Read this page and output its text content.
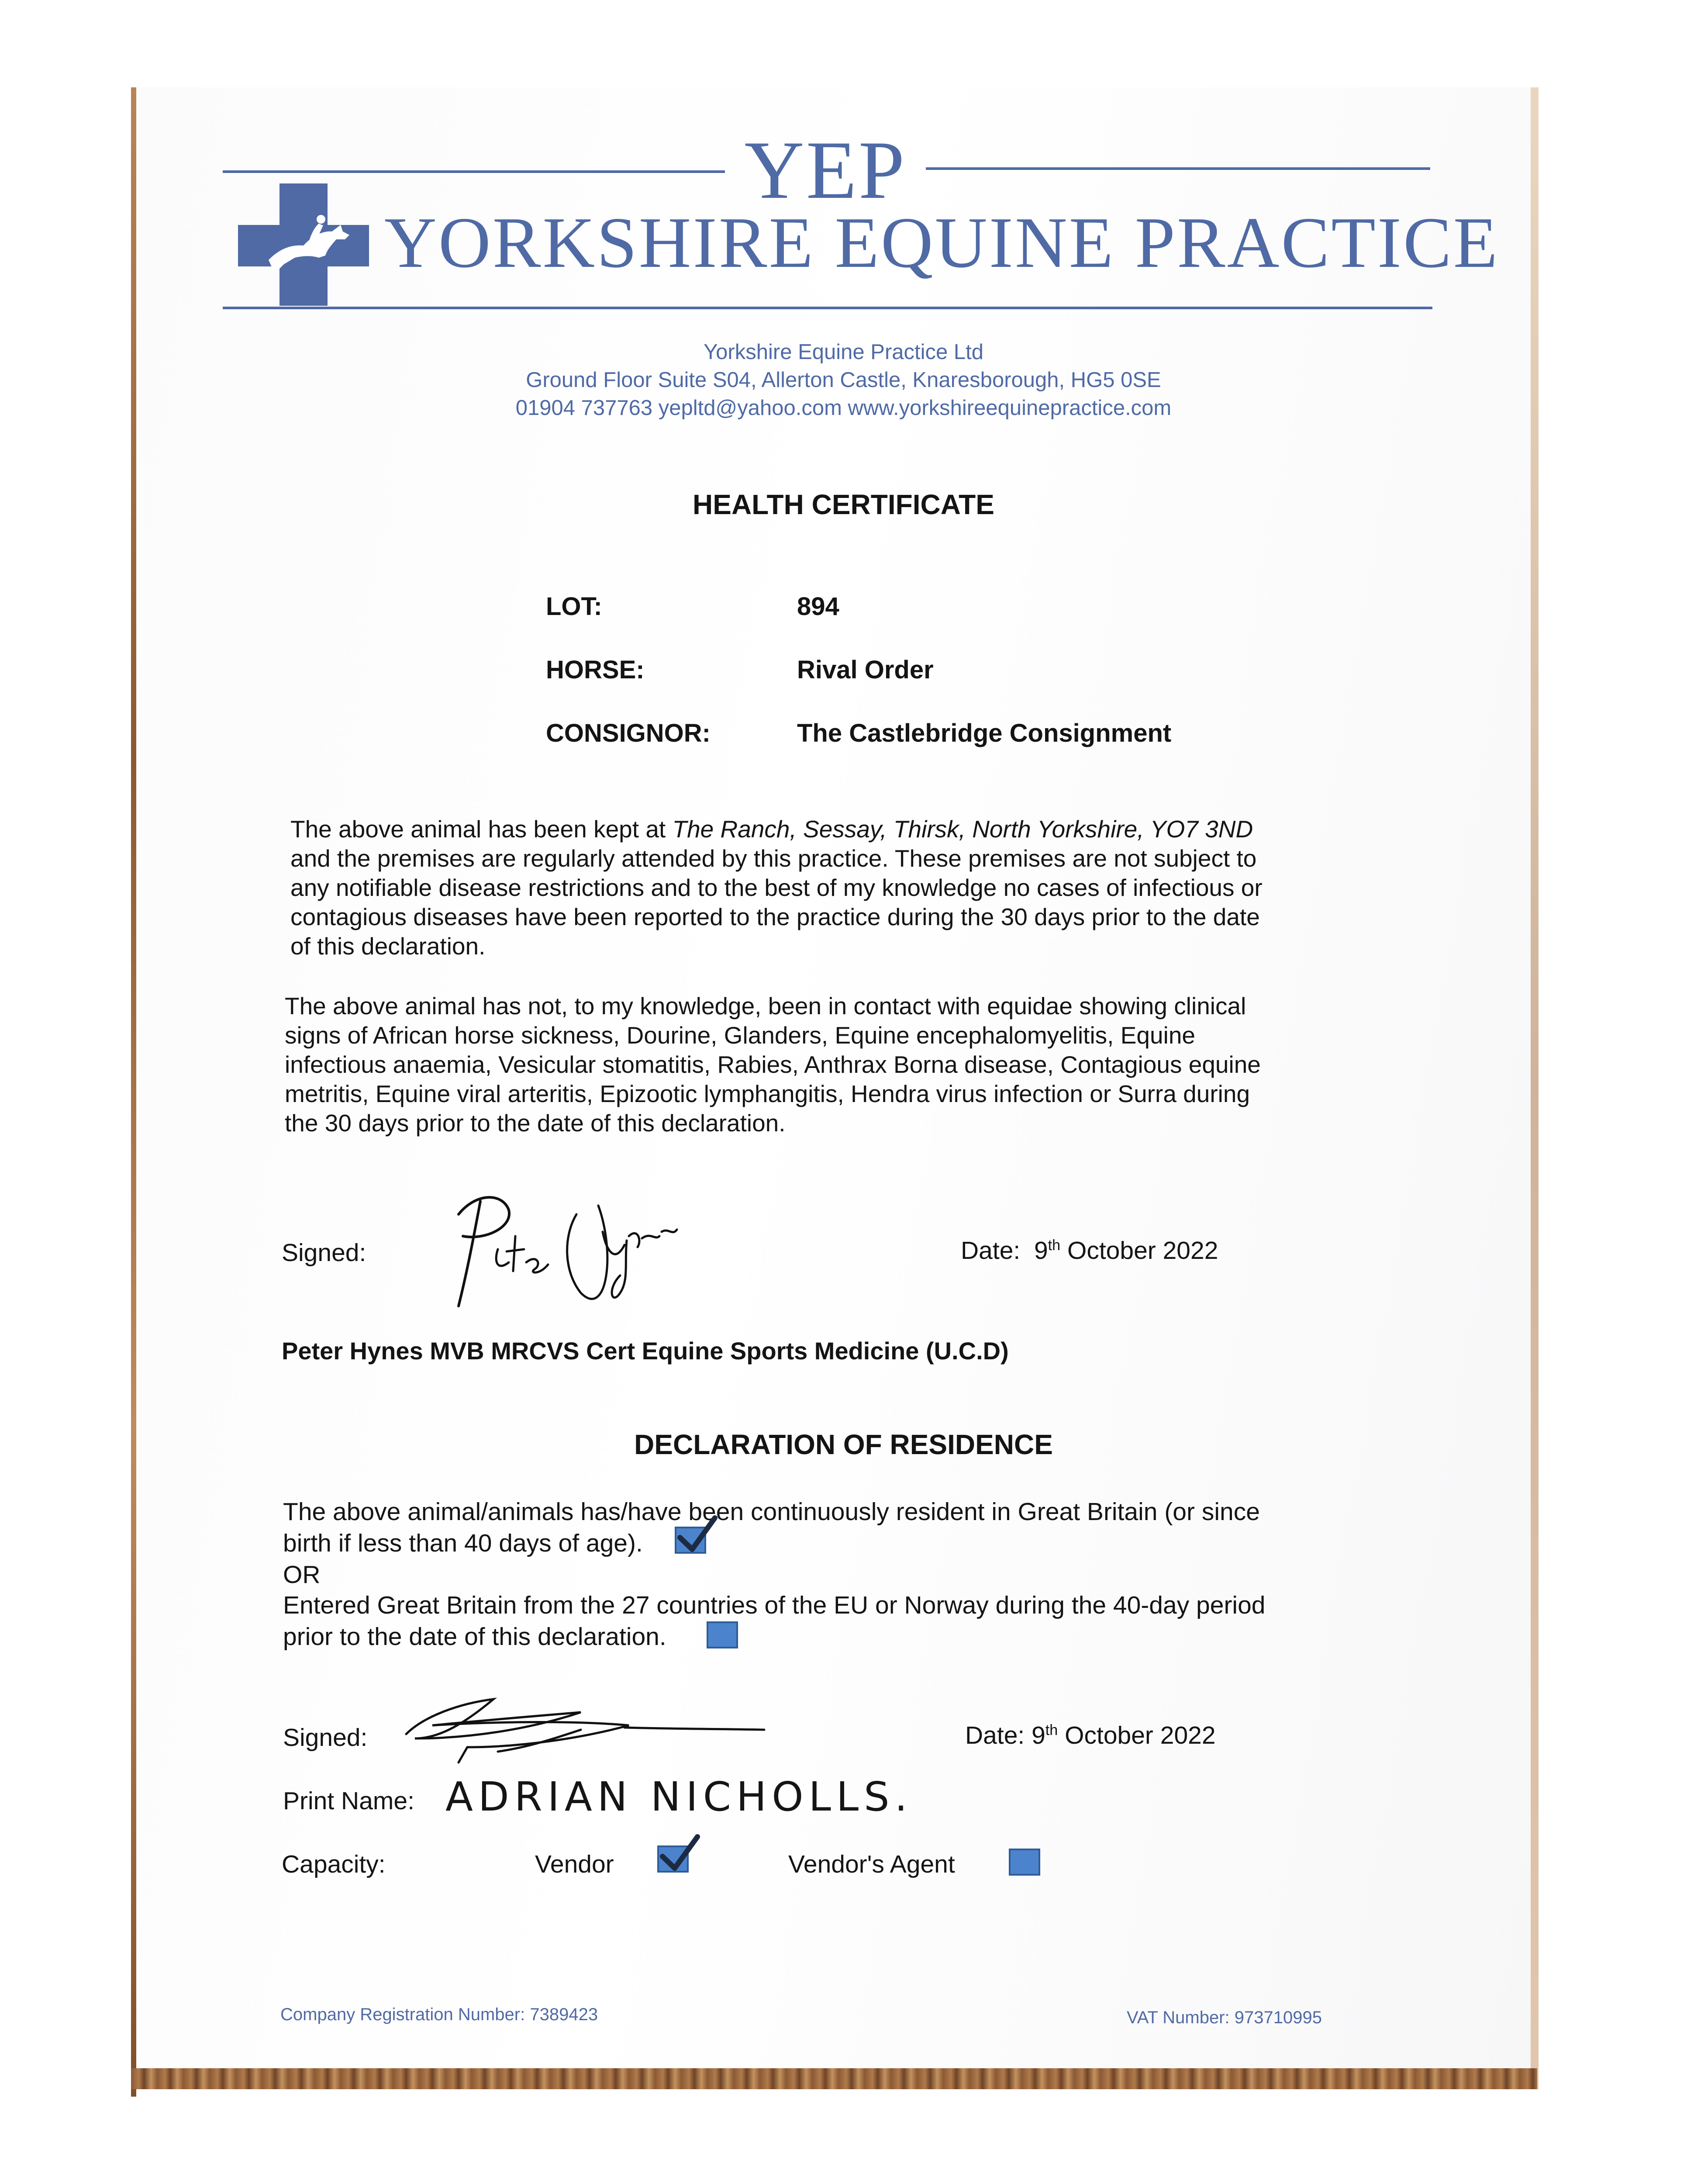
YEP
YORKSHIRE EQUINE PRACTICE
Yorkshire Equine Practice Ltd
Ground Floor Suite S04, Allerton Castle, Knaresborough, HG5 0SE
01904 737763 yepltd@yahoo.com www.yorkshireequinepractice.com
HEALTH CERTIFICATE
LOT:	894
HORSE:	Rival Order
CONSIGNOR:	The Castlebridge Consignment
The above animal has been kept at The Ranch, Sessay, Thirsk, North Yorkshire, YO7 3ND
and the premises are regularly attended by this practice. These premises are not subject to
any notifiable disease restrictions and to the best of my knowledge no cases of infectious or
contagious diseases have been reported to the practice during the 30 days prior to the date
of this declaration.
The above animal has not, to my knowledge, been in contact with equidae showing clinical
signs of African horse sickness, Dourine, Glanders, Equine encephalomyelitis, Equine
infectious anaemia, Vesicular stomatitis, Rabies, Anthrax Borna disease, Contagious equine
metritis, Equine viral arteritis, Epizootic lymphangitis, Hendra virus infection or Surra during
the 30 days prior to the date of this declaration.
Signed:	Date: 9th October 2022
Peter Hynes MVB MRCVS Cert Equine Sports Medicine (U.C.D)
DECLARATION OF RESIDENCE
The above animal/animals has/have been continuously resident in Great Britain (or since
birth if less than 40 days of age).
OR
Entered Great Britain from the 27 countries of the EU or Norway during the 40-day period
prior to the date of this declaration.
Signed:	Date: 9th October 2022
Print Name: ADRIAN NICHOLLS.
Capacity:	Vendor	Vendor's Agent
Company Registration Number: 7389423	VAT Number: 973710995
